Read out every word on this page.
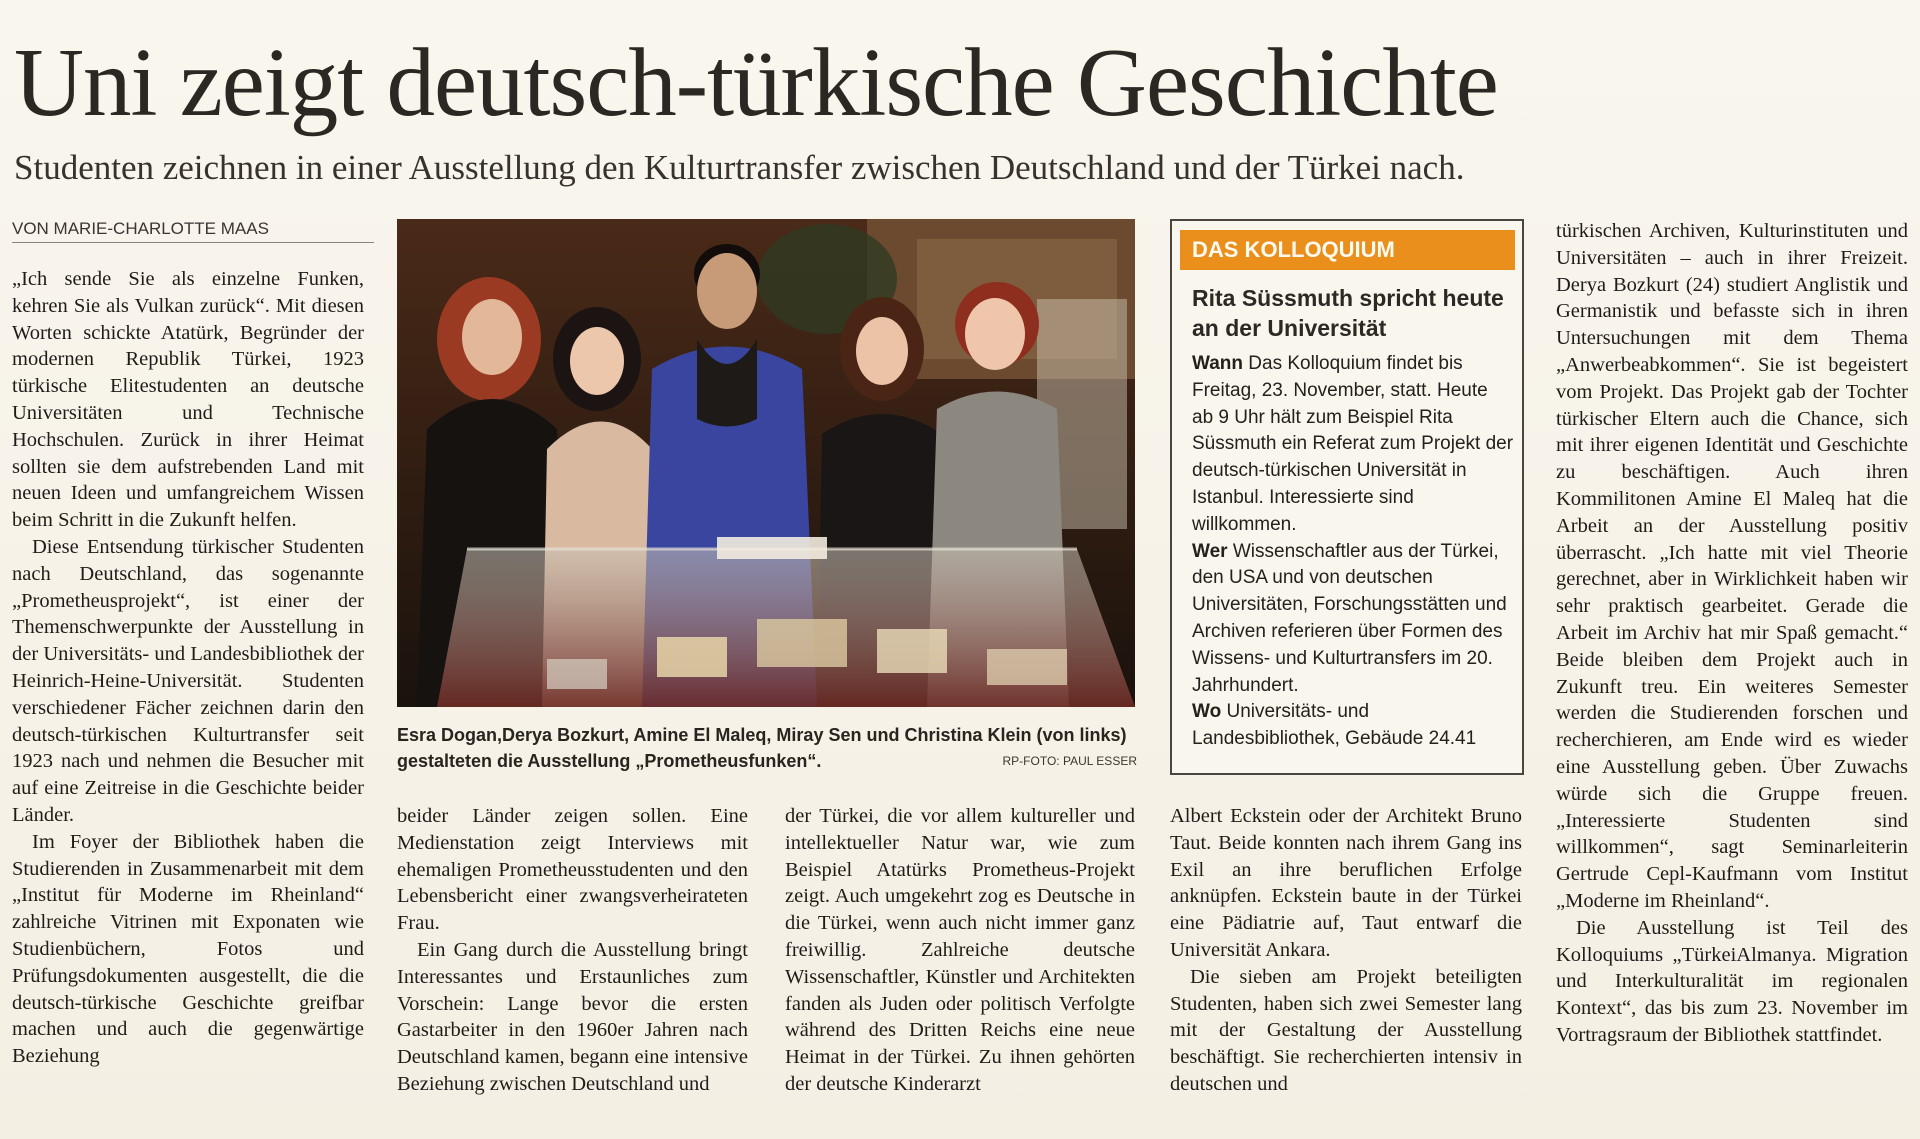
Uni zeigt deutsch-türkische Geschichte
Studenten zeichnen in einer Ausstellung den Kulturtransfer zwischen Deutschland und der Türkei nach.
VON MARIE-CHARLOTTE MAAS

„Ich sende Sie als einzelne Funken, kehren Sie als Vulkan zurück“. Mit diesen Worten schickte Atatürk, Begründer der modernen Republik Türkei, 1923 türkische Elitestudenten an deutsche Universitäten und Technische Hochschulen. Zurück in ihrer Heimat sollten sie dem aufstrebenden Land mit neuen Ideen und umfangreichem Wissen beim Schritt in die Zukunft helfen.

Diese Entsendung türkischer Studenten nach Deutschland, das sogenannte „Prometheusprojekt“, ist einer der Themenschwerpunkte der Ausstellung in der Universitäts- und Landesbibliothek der Heinrich-Heine-Universität. Studenten verschiedener Fächer zeichnen darin den deutsch-türkischen Kulturtransfer seit 1923 nach und nehmen die Besucher mit auf eine Zeitreise in die Geschichte beider Länder.

Im Foyer der Bibliothek haben die Studierenden in Zusammenarbeit mit dem „Institut für Moderne im Rheinland“ zahlreiche Vitrinen mit Exponaten wie Studienbüchern, Fotos und Prüfungsdokumenten ausgestellt, die die deutsch-türkische Geschichte greifbar machen und auch die gegenwärtige Beziehung

Esra Dogan,Derya Bozkurt, Amine El Maleq, Miray Sen und Christina Klein (von links) gestalteten die Ausstellung „Prometheusfunken“.	RP-FOTO: PAUL ESSER
DAS KOLLOQUIUM
Rita Süssmuth spricht heute an der Universität

Wann Das Kolloquium findet bis Freitag, 23. November, statt. Heute ab 9 Uhr hält zum Beispiel Rita Süssmuth ein Referat zum Projekt der deutsch-türkischen Universität in Istanbul. Interessierte sind willkommen.

Wer Wissenschaftler aus der Türkei, den USA und von deutschen Universitäten, Forschungsstätten und Archiven referieren über Formen des Wissens- und Kulturtransfers im 20. Jahrhundert.

Wo Universitäts- und Landesbibliothek, Gebäude 24.41

beider Länder zeigen sollen. Eine Medienstation zeigt Interviews mit ehemaligen Prometheusstudenten und den Lebensbericht einer zwangsverheirateten Frau.

Ein Gang durch die Ausstellung bringt Interessantes und Erstaunliches zum Vorschein: Lange bevor die ersten Gastarbeiter in den 1960er Jahren nach Deutschland kamen, begann eine intensive Beziehung zwischen Deutschland und

der Türkei, die vor allem kultureller und intellektueller Natur war, wie zum Beispiel Atatürks Prometheus-Projekt zeigt. Auch umgekehrt zog es Deutsche in die Türkei, wenn auch nicht immer ganz freiwillig. Zahlreiche deutsche Wissenschaftler, Künstler und Architekten fanden als Juden oder politisch Verfolgte während des Dritten Reichs eine neue Heimat in der Türkei. Zu ihnen gehörten der deutsche Kinderarzt

Albert Eckstein oder der Architekt Bruno Taut. Beide konnten nach ihrem Gang ins Exil an ihre beruflichen Erfolge anknüpfen. Eckstein baute in der Türkei eine Pädiatrie auf, Taut entwarf die Universität Ankara.

Die sieben am Projekt beteiligten Studenten, haben sich zwei Semester lang mit der Gestaltung der Ausstellung beschäftigt. Sie recherchierten intensiv in deutschen und

türkischen Archiven, Kulturinstituten und Universitäten – auch in ihrer Freizeit. Derya Bozkurt (24) studiert Anglistik und Germanistik und befasste sich in ihren Untersuchungen mit dem Thema „Anwerbeabkommen“. Sie ist begeistert vom Projekt. Das Projekt gab der Tochter türkischer Eltern auch die Chance, sich mit ihrer eigenen Identität und Geschichte zu beschäftigen. Auch ihren Kommilitonen Amine El Maleq hat die Arbeit an der Ausstellung positiv überrascht. „Ich hatte mit viel Theorie gerechnet, aber in Wirklichkeit haben wir sehr praktisch gearbeitet. Gerade die Arbeit im Archiv hat mir Spaß gemacht.“ Beide bleiben dem Projekt auch in Zukunft treu. Ein weiteres Semester werden die Studierenden forschen und recherchieren, am Ende wird es wieder eine Ausstellung geben. Über Zuwachs würde sich die Gruppe freuen. „Interessierte Studenten sind willkommen“, sagt Seminarleiterin Gertrude Cepl-Kaufmann vom Institut „Moderne im Rheinland“.

Die Ausstellung ist Teil des Kolloquiums „TürkeiAlmanya. Migration und Interkulturalität im regionalen Kontext“, das bis zum 23. November im Vortragsraum der Bibliothek stattfindet.
